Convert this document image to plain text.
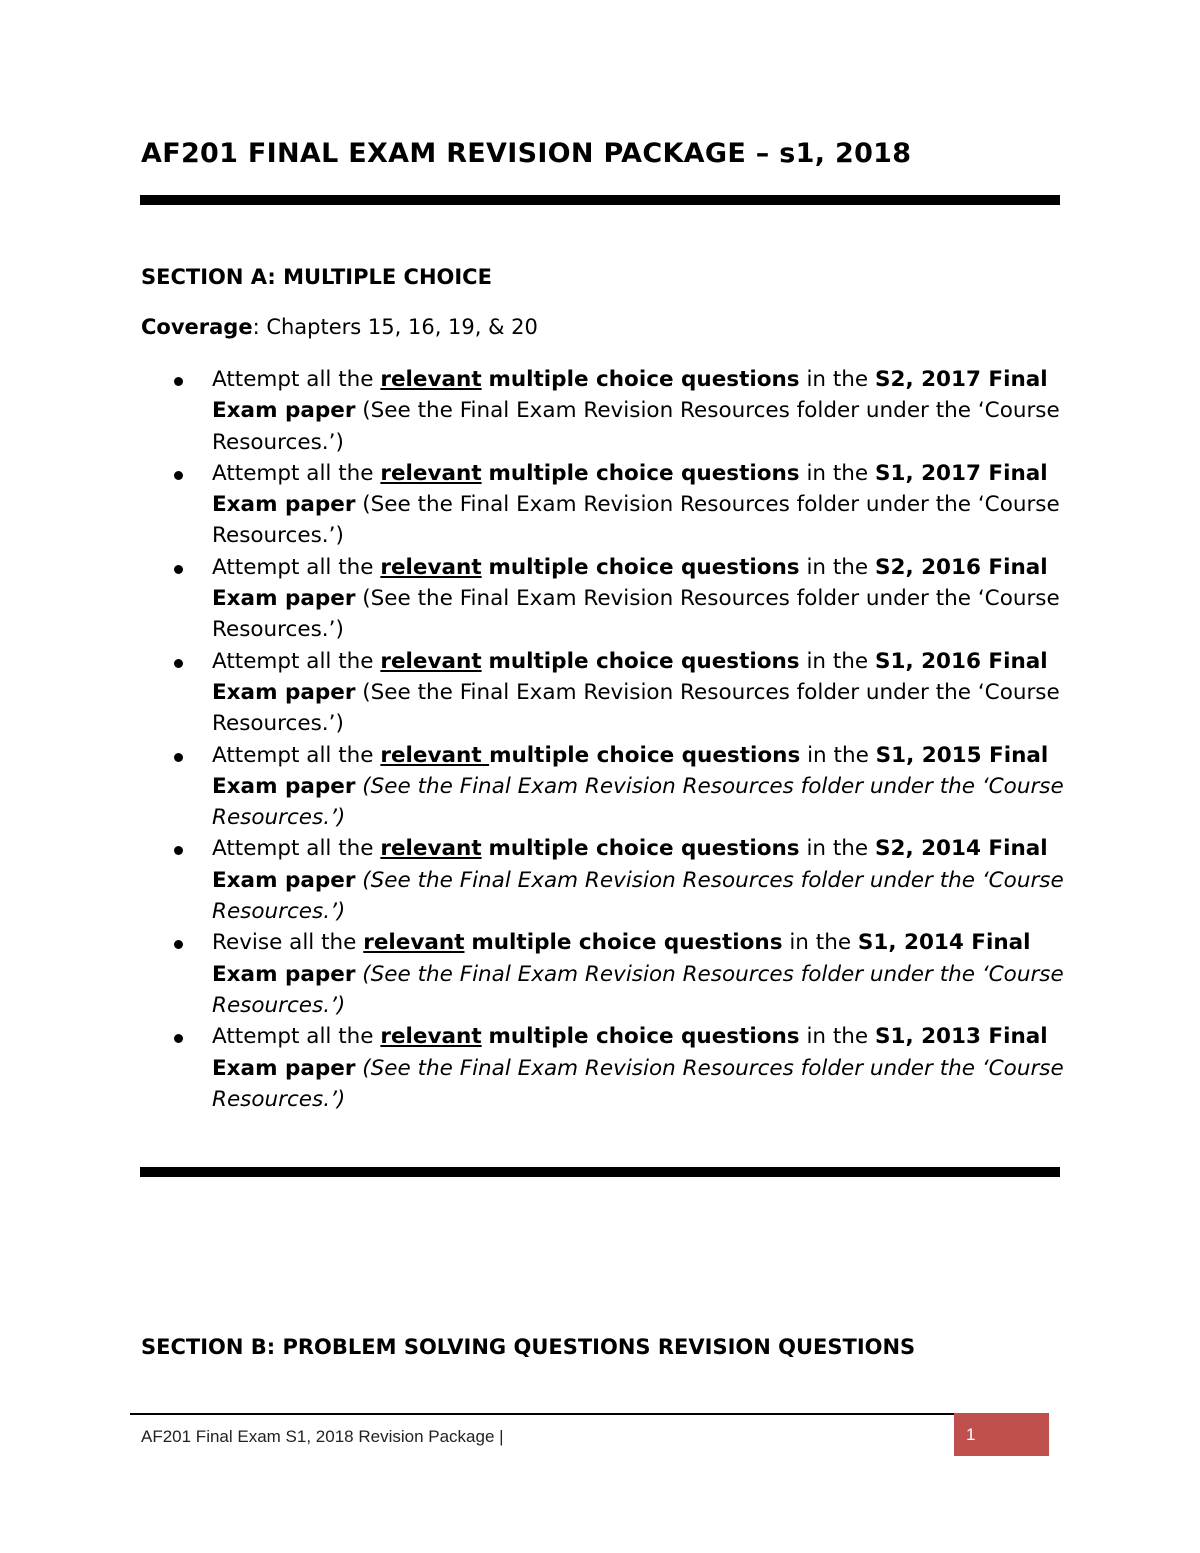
AF201 FINAL EXAM REVISION PACKAGE – s1, 2018
SECTION A: MULTIPLE CHOICE

Coverage: Chapters 15, 16, 19, & 20

Attempt all the relevant multiple choice questions in the S2, 2017 Final Exam paper (See the Final Exam Revision Resources folder under the ‘Course Resources.’)
Attempt all the relevant multiple choice questions in the S1, 2017 Final Exam paper (See the Final Exam Revision Resources folder under the ‘Course Resources.’)
Attempt all the relevant multiple choice questions in the S2, 2016 Final Exam paper (See the Final Exam Revision Resources folder under the ‘Course Resources.’)
Attempt all the relevant multiple choice questions in the S1, 2016 Final Exam paper (See the Final Exam Revision Resources folder under the ‘Course Resources.’)
Attempt all the relevant multiple choice questions in the S1, 2015 Final Exam paper (See the Final Exam Revision Resources folder under the ‘Course Resources.’)
Attempt all the relevant multiple choice questions in the S2, 2014 Final Exam paper (See the Final Exam Revision Resources folder under the ‘Course Resources.’)
Revise all the relevant multiple choice questions in the S1, 2014 Final Exam paper (See the Final Exam Revision Resources folder under the ‘Course Resources.’)
Attempt all the relevant multiple choice questions in the S1, 2013 Final Exam paper (See the Final Exam Revision Resources folder under the ‘Course Resources.’)
SECTION B: PROBLEM SOLVING QUESTIONS REVISION QUESTIONS
AF201 Final Exam S1, 2018 Revision Package |	1
